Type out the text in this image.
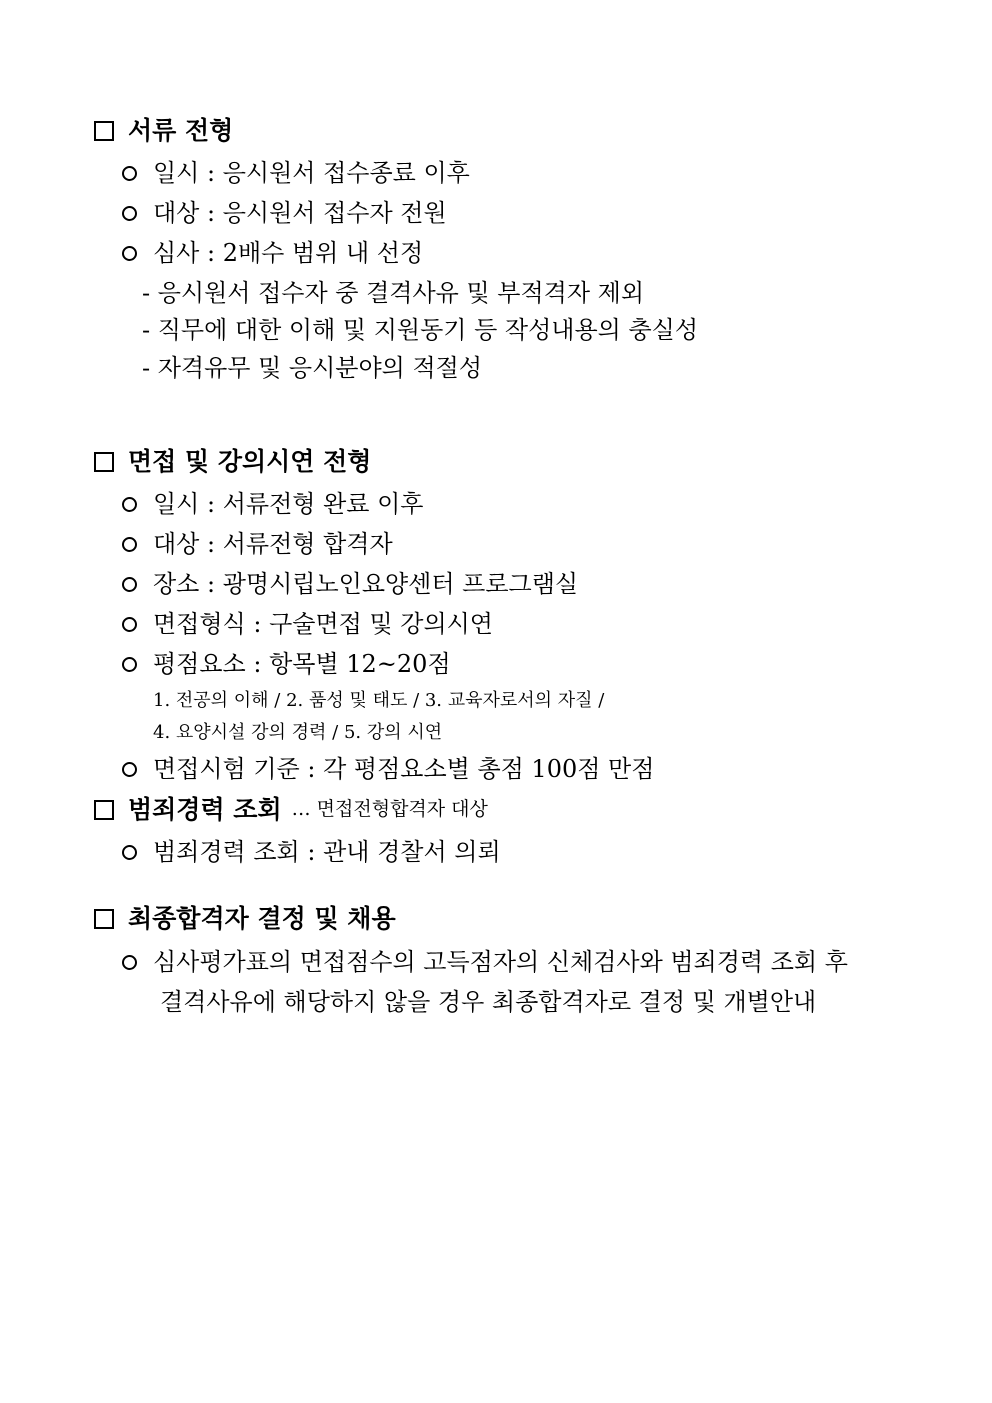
서류 전형
일시 : 응시원서 접수종료 이후
대상 : 응시원서 접수자 전원
심사 : 2배수 범위 내 선정
- 응시원서 접수자 중 결격사유 및 부적격자 제외
- 직무에 대한 이해 및 지원동기 등 작성내용의 충실성
- 자격유무 및 응시분야의 적절성
면접 및 강의시연 전형
일시 : 서류전형 완료 이후
대상 : 서류전형 합격자
장소 : 광명시립노인요양센터 프로그램실
면접형식 : 구술면접 및 강의시연
평점요소 : 항목별 12~20점
1. 전공의 이해 / 2. 품성 및 태도 / 3. 교육자로서의 자질 /
4. 요양시설 강의 경력 / 5. 강의 시연
면접시험 기준 : 각 평점요소별 총점 100점 만점
범죄경력 조회 … 면접전형합격자 대상
범죄경력 조회 : 관내 경찰서 의뢰
최종합격자 결정 및 채용
심사평가표의 면접점수의 고득점자의 신체검사와 범죄경력 조회 후
결격사유에 해당하지 않을 경우 최종합격자로 결정 및 개별안내
